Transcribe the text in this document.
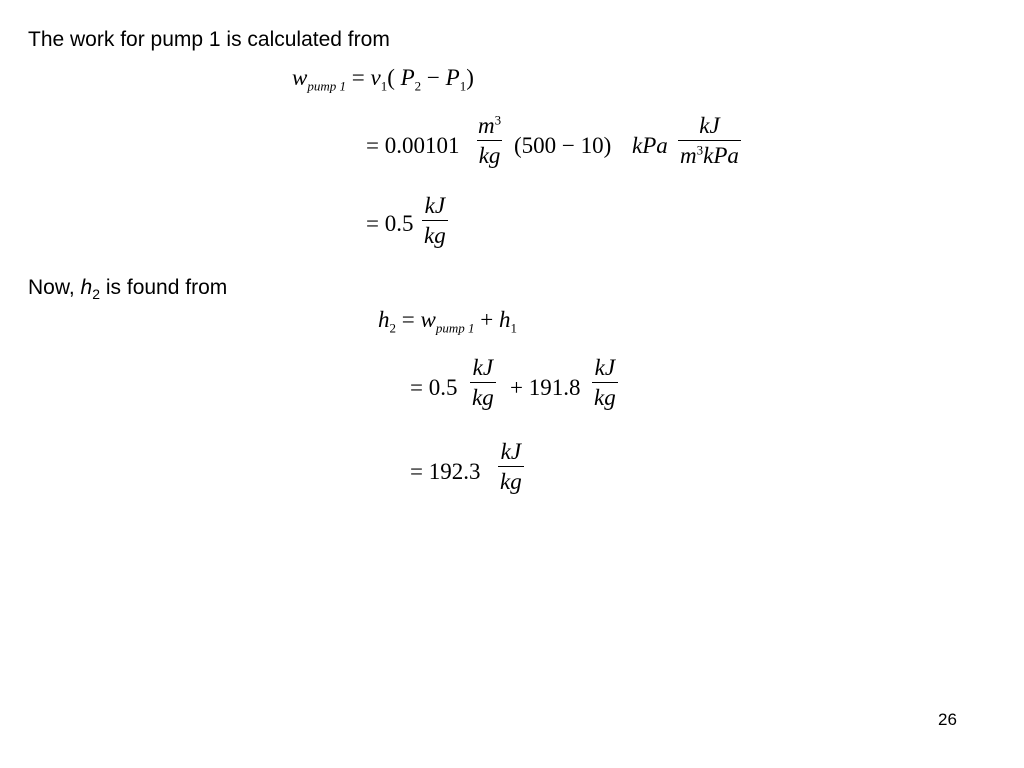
The work for pump 1 is calculated from
$w_{pump 1} = v_1$( $P_2 - P_1$)
= $0.00101 \frac{m^3}{kg} (500 - 10)$ kPa
kJ
$m^3kPa$
= $0.5 \frac{kJ}{kg}$
Now, $h_2$ is found from
$h_2 = w_{pump 1} + h_1$
= $0.5 \frac{kJ}{kg} + 191.8 \frac{kJ}{kg}$
= $192.3 \frac{kJ}{kg}$
26
